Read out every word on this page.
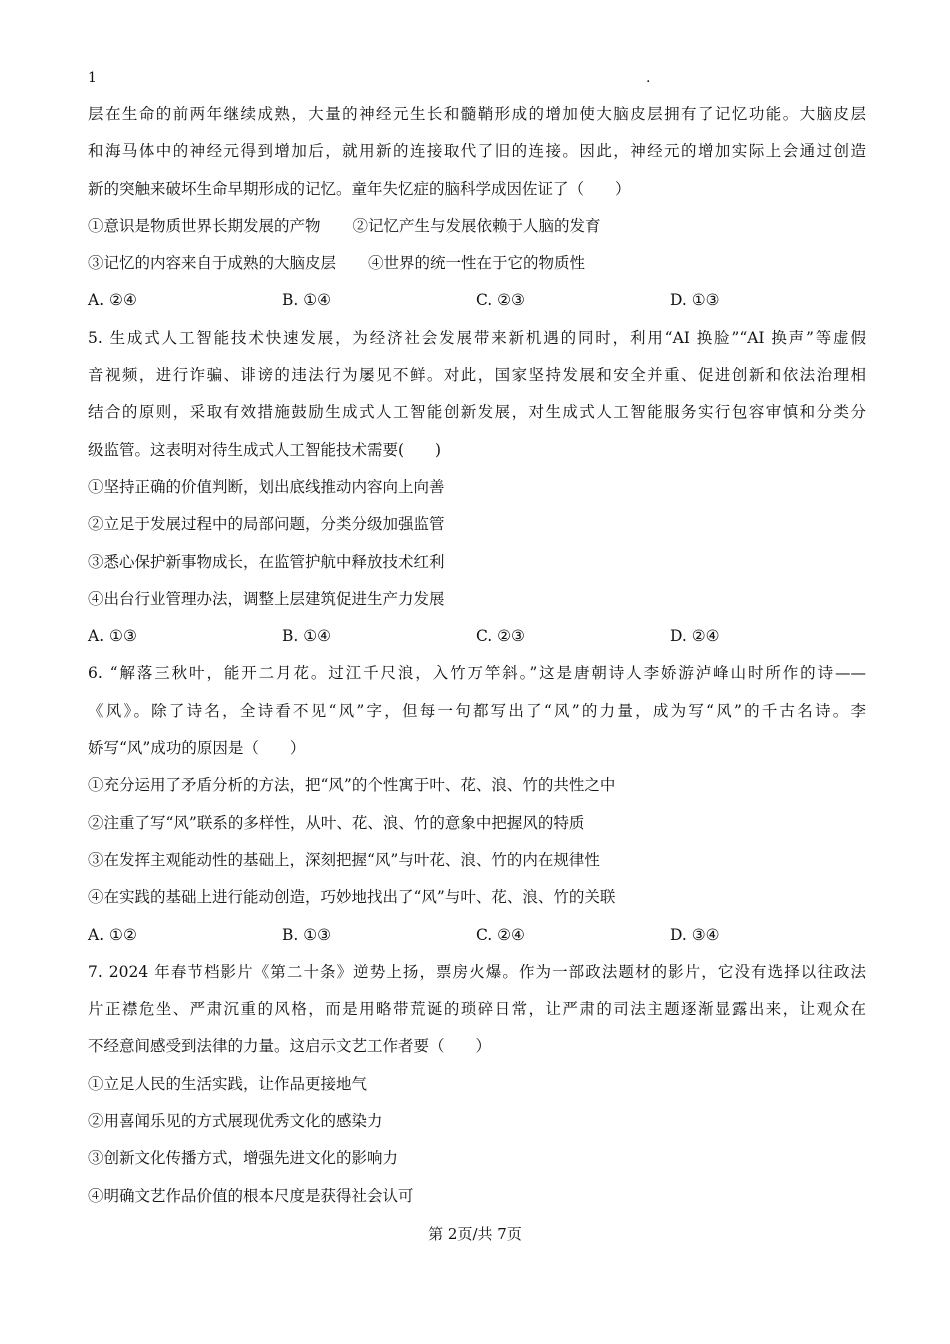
1	.
层在生命的前两年继续成熟，大量的神经元生长和髓鞘形成的增加使大脑皮层拥有了记忆功能。大脑皮层
和海马体中的神经元得到增加后，就用新的连接取代了旧的连接。因此，神经元的增加实际上会通过创造
新的突触来破坏生命早期形成的记忆。童年失忆症的脑科学成因佐证了（　　）
①意识是物质世界长期发展的产物 ②记忆产生与发展依赖于人脑的发育
③记忆的内容来自于成熟的大脑皮层 ④世界的统一性在于它的物质性
A. ②④	B. ①④	C. ②③	D. ①③
5. 生成式人工智能技术快速发展，为经济社会发展带来新机遇的同时，利用“AI 换脸”“AI 换声”等虚假
音视频，进行诈骗、诽谤的违法行为屡见不鲜。对此，国家坚持发展和安全并重、促进创新和依法治理相
结合的原则，采取有效措施鼓励生成式人工智能创新发展，对生成式人工智能服务实行包容审慎和分类分
级监管。这表明对待生成式人工智能技术需要(　　)
①坚持正确的价值判断，划出底线推动内容向上向善
②立足于发展过程中的局部问题，分类分级加强监管
③悉心保护新事物成长，在监管护航中释放技术红利
④出台行业管理办法，调整上层建筑促进生产力发展
A. ①③	B. ①④	C. ②③	D. ②④
6. “解落三秋叶，能开二月花。过江千尺浪，入竹万竿斜。”这是唐朝诗人李娇游泸峰山时所作的诗——
《风》。除了诗名，全诗看不见“风”字，但每一句都写出了“风”的力量，成为写“风”的千古名诗。李
娇写“风”成功的原因是（　　）
①充分运用了矛盾分析的方法，把“风”的个性寓于叶、花、浪、竹的共性之中
②注重了写“风”联系的多样性，从叶、花、浪、竹的意象中把握风的特质
③在发挥主观能动性的基础上，深刻把握“风”与叶花、浪、竹的内在规律性
④在实践的基础上进行能动创造，巧妙地找出了“风”与叶、花、浪、竹的关联
A. ①②	B. ①③	C. ②④	D. ③④
7. 2024 年春节档影片《第二十条》逆势上扬，票房火爆。作为一部政法题材的影片，它没有选择以往政法
片正襟危坐、严肃沉重的风格，而是用略带荒诞的琐碎日常，让严肃的司法主题逐渐显露出来，让观众在
不经意间感受到法律的力量。这启示文艺工作者要（　　）
①立足人民的生活实践，让作品更接地气
②用喜闻乐见的方式展现优秀文化的感染力
③创新文化传播方式，增强先进文化的影响力
④明确文艺作品价值的根本尺度是获得社会认可
第 2页/共 7页
